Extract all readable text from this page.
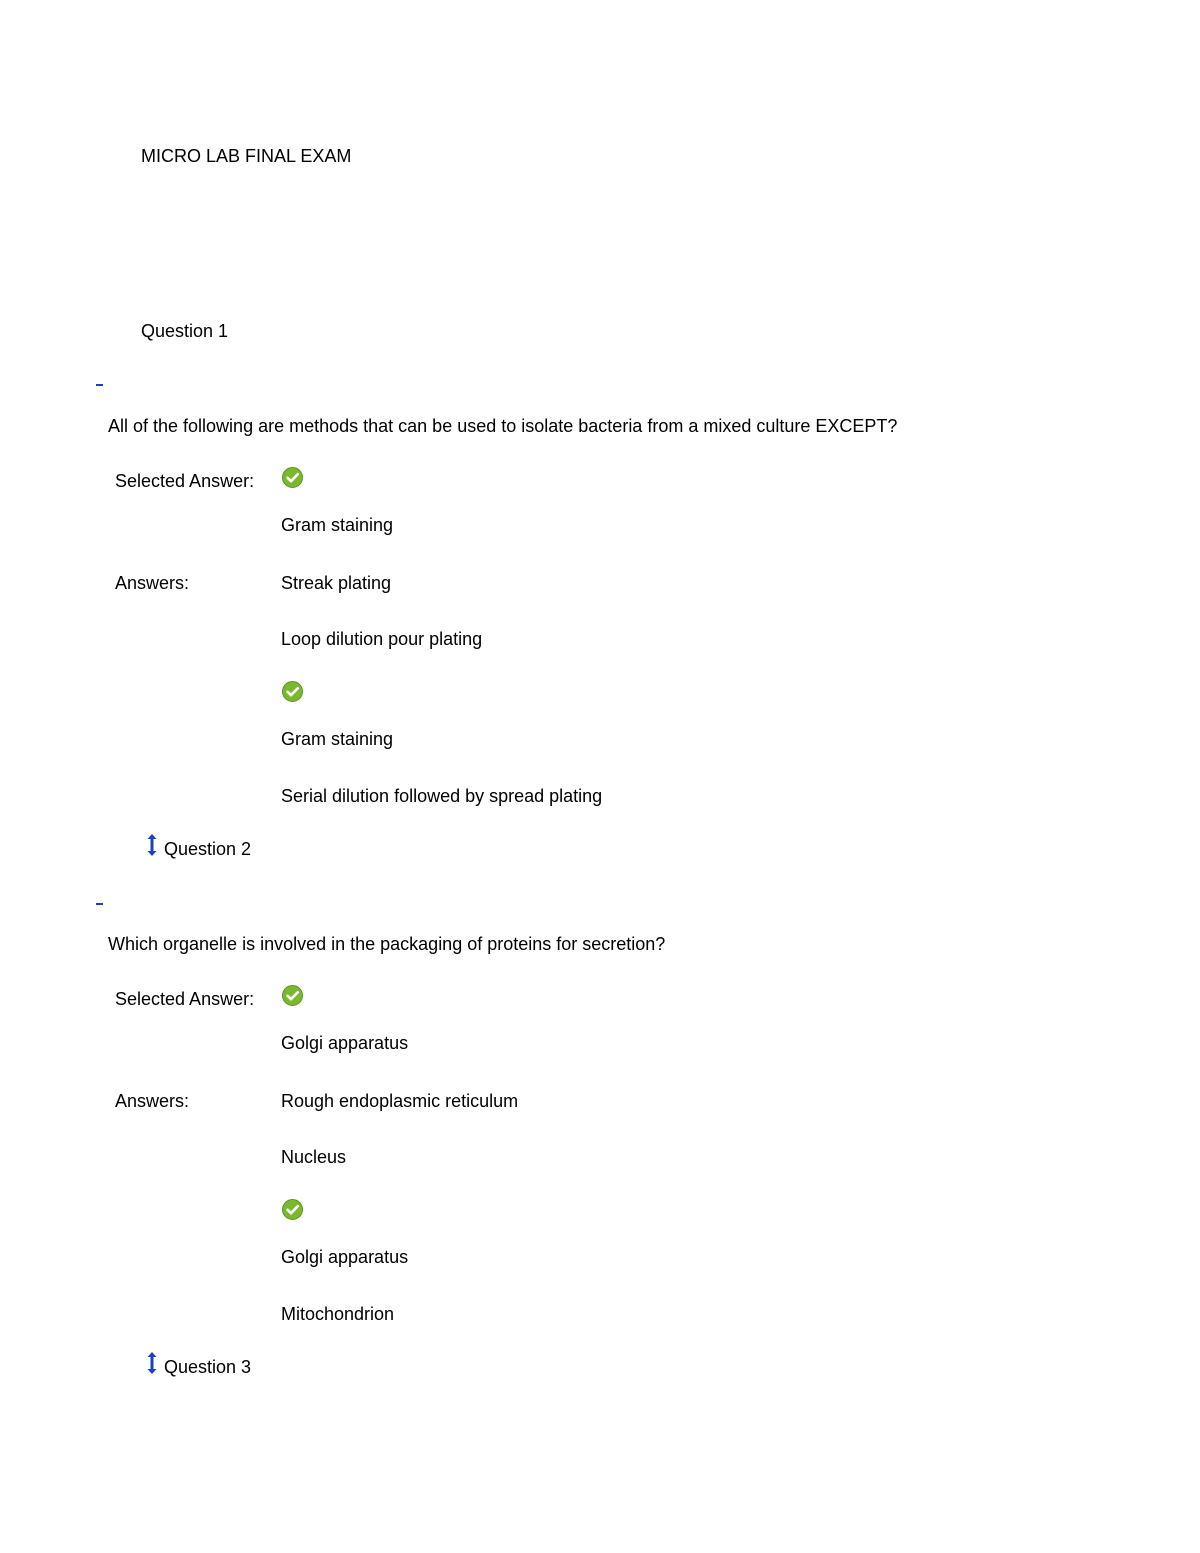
MICRO LAB FINAL EXAM
Question 1
All of the following are methods that can be used to isolate bacteria from a mixed culture EXCEPT?
Selected Answer:
Gram staining
Answers:	Streak plating
Loop dilution pour plating
Gram staining
Serial dilution followed by spread plating
Question 2
Which organelle is involved in the packaging of proteins for secretion?
Selected Answer:
Golgi apparatus
Answers:	Rough endoplasmic reticulum
Nucleus
Golgi apparatus
Mitochondrion
Question 3
